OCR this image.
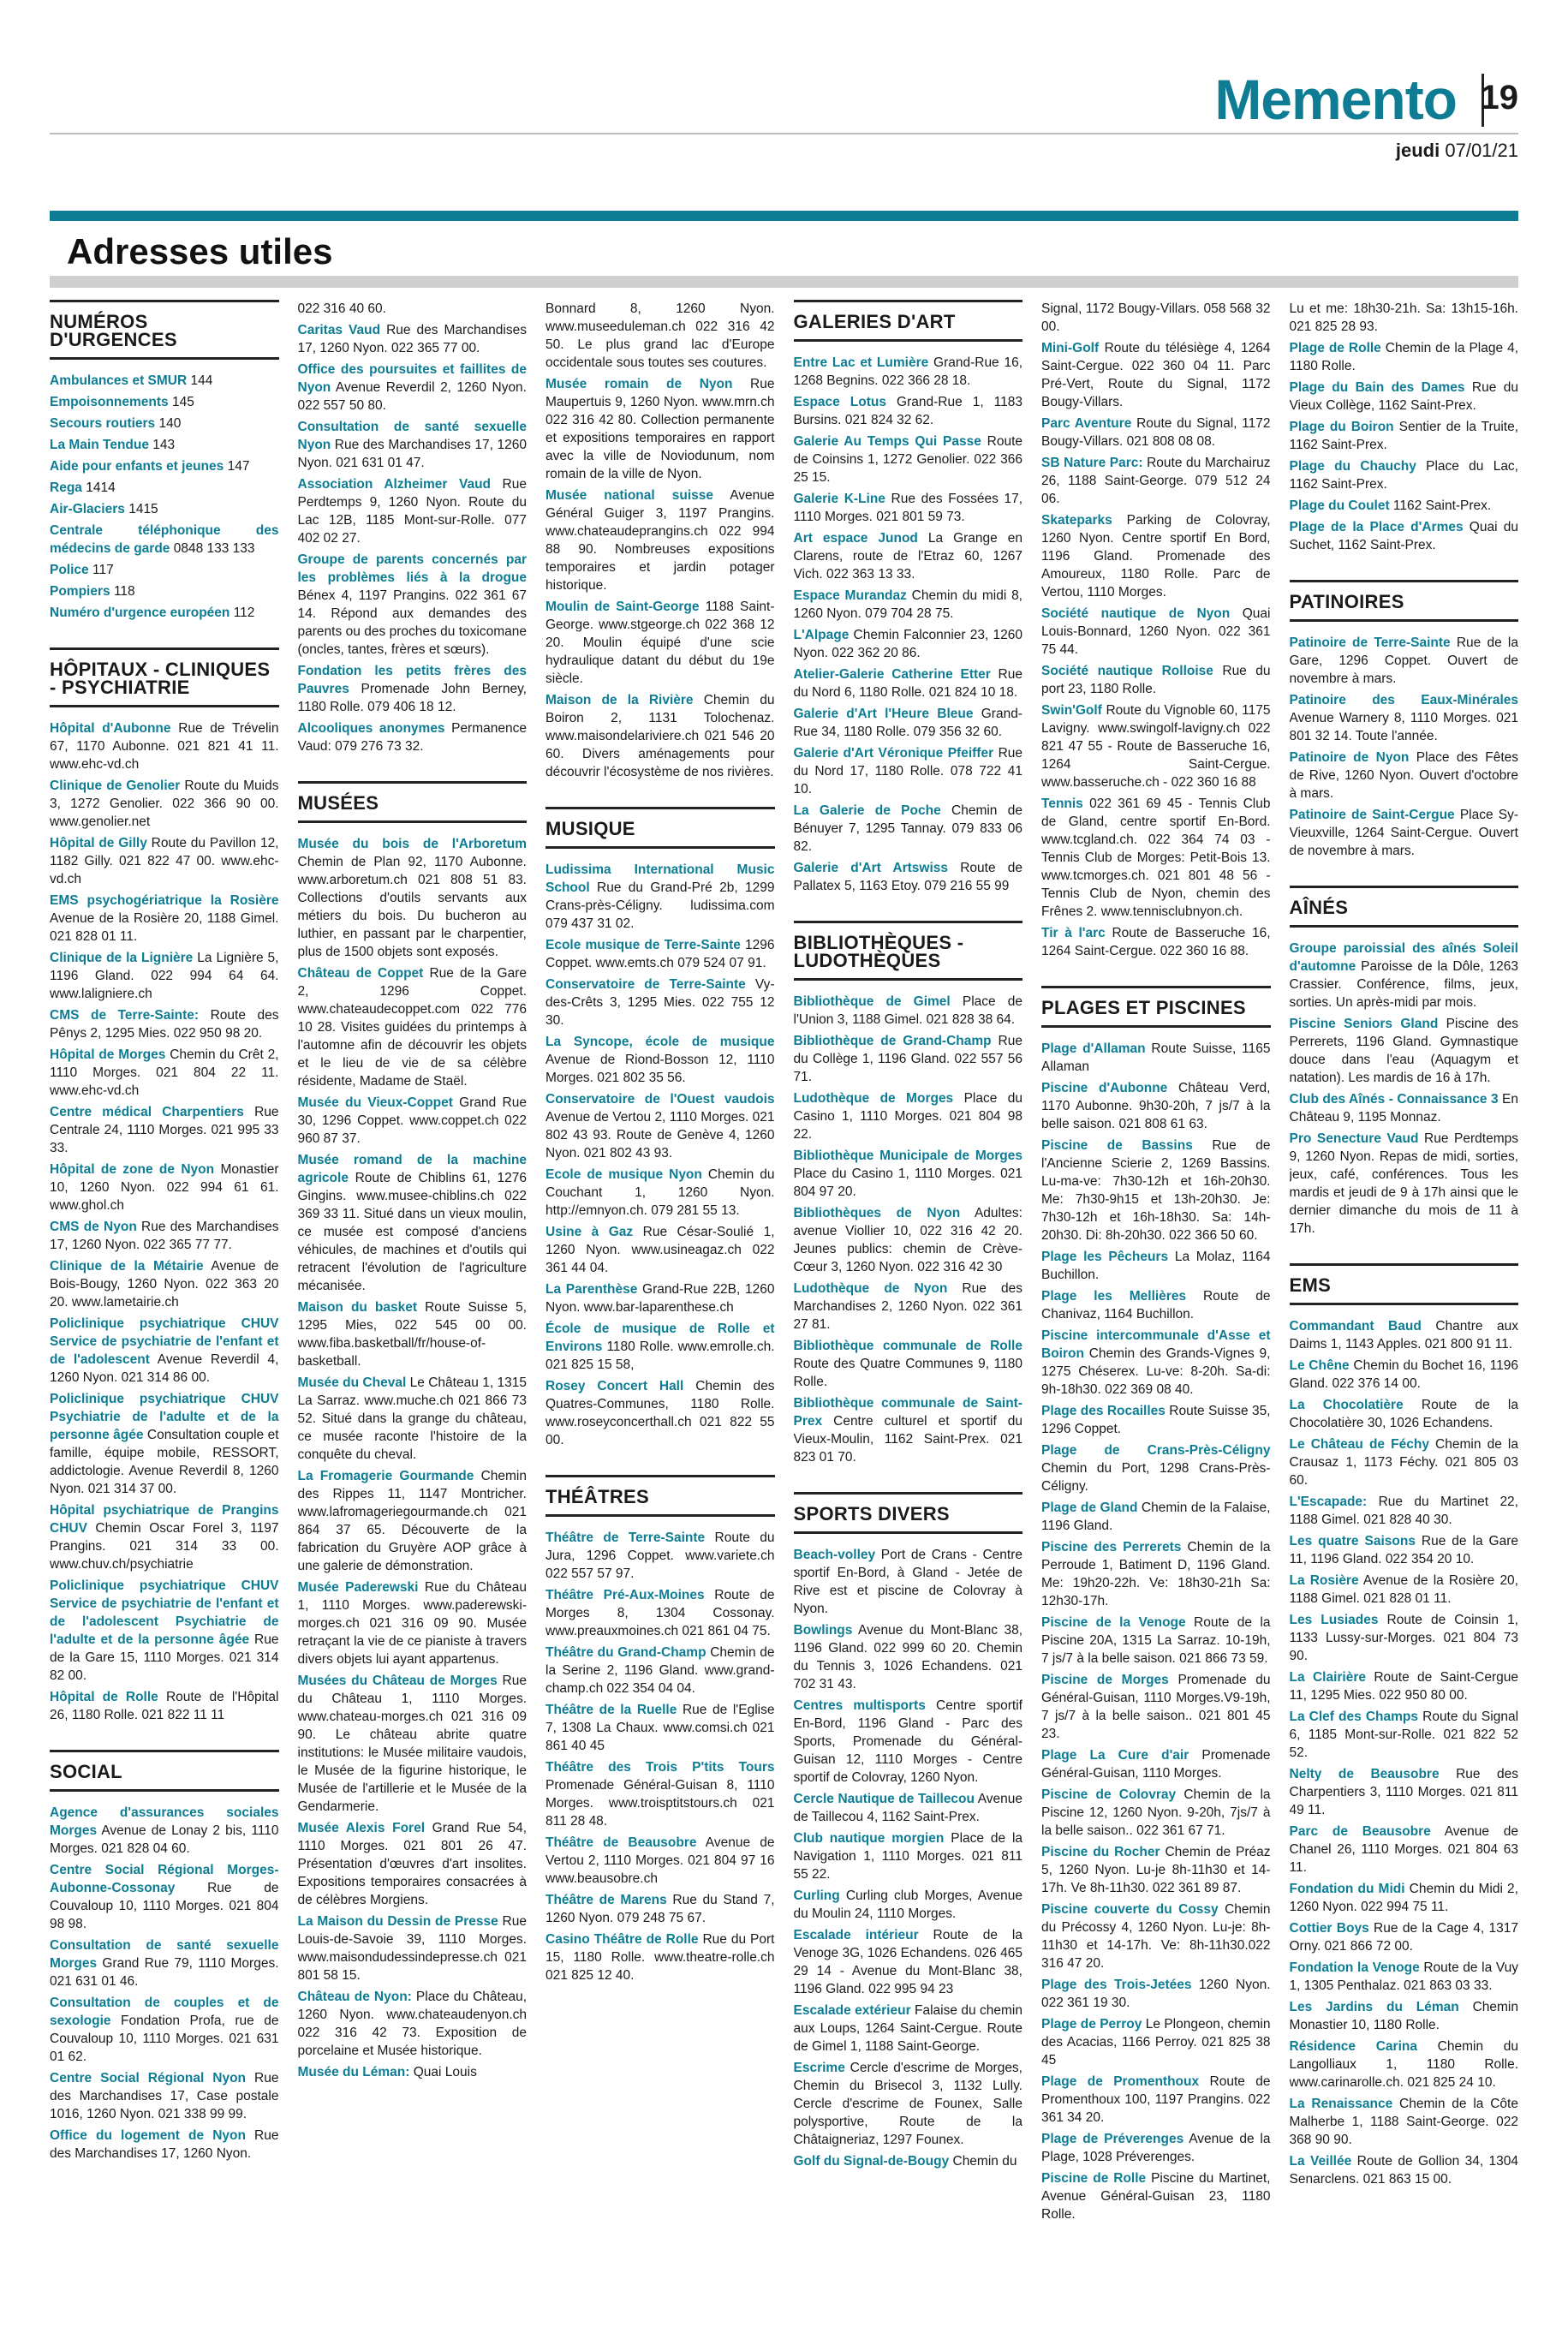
Memento 19
jeudi 07/01/21
Adresses utiles
NUMÉROS D'URGENCES
Ambulances et SMUR 144
Empoisonnements 145
Secours routiers 140
La Main Tendue 143
Aide pour enfants et jeunes 147
Rega 1414
Air-Glaciers 1415
Centrale téléphonique des médecins de garde 0848 133 133
Police 117
Pompiers 118
Numéro d'urgence européen 112
HÔPITAUX - CLINIQUES - PSYCHIATRIE
Hôpital d'Aubonne Rue de Trévelin 67, 1170 Aubonne. 021 821 41 11. www.ehc-vd.ch
Clinique de Genolier Route du Muids 3, 1272 Genolier. 022 366 90 00. www.genolier.net
Hôpital de Gilly Route du Pavillon 12, 1182 Gilly. 021 822 47 00. www.ehc-vd.ch
EMS psychogériatrique la Rosière Avenue de la Rosière 20, 1188 Gimel. 021 828 01 11.
Clinique de la Lignière La Lignière 5, 1196 Gland. 022 994 64 64. www.laligniere.ch
CMS de Terre-Sainte: Route des Pênys 2, 1295 Mies. 022 950 98 20.
Hôpital de Morges Chemin du Crêt 2, 1110 Morges. 021 804 22 11. www.ehc-vd.ch
Centre médical Charpentiers Rue Centrale 24, 1110 Morges. 021 995 33 33.
Hôpital de zone de Nyon Monastier 10, 1260 Nyon. 022 994 61 61. www.ghol.ch
CMS de Nyon Rue des Marchandises 17, 1260 Nyon. 022 365 77 77.
Clinique de la Métairie Avenue de Bois-Bougy, 1260 Nyon. 022 363 20 20. www.lametairie.ch
Policlinique psychiatrique CHUV Service de psychiatrie de l'enfant et de l'adolescent Avenue Reverdil 4, 1260 Nyon. 021 314 86 00.
Policlinique psychiatrique CHUV Psychiatrie de l'adulte et de la personne âgée Consultation couple et famille, équipe mobile, RESSORT, addictologie. Avenue Reverdil 8, 1260 Nyon. 021 314 37 00.
Hôpital psychiatrique de Prangins CHUV Chemin Oscar Forel 3, 1197 Prangins. 021 314 33 00. www.chuv.ch/psychiatrie
Policlinique psychiatrique CHUV Service de psychiatrie de l'enfant et de l'adolescent Psychiatrie de l'adulte et de la personne âgée Rue de la Gare 15, 1110 Morges. 021 314 82 00.
Hôpital de Rolle Route de l'Hôpital 26, 1180 Rolle. 021 822 11 11
SOCIAL
Agence d'assurances sociales Morges Avenue de Lonay 2 bis, 1110 Morges. 021 828 04 60.
Centre Social Régional Morges-Aubonne-Cossonay Rue de Couvaloup 10, 1110 Morges. 021 804 98 98.
Consultation de santé sexuelle Morges Grand Rue 79, 1110 Morges. 021 631 01 46.
Consultation de couples et de sexologie Fondation Profa, rue de Couvaloup 10, 1110 Morges. 021 631 01 62.
Centre Social Régional Nyon Rue des Marchandises 17, Case postale 1016, 1260 Nyon. 021 338 99 99.
Office du logement de Nyon Rue des Marchandises 17, 1260 Nyon.
022 316 40 60.
Caritas Vaud Rue des Marchandises 17, 1260 Nyon. 022 365 77 00.
Office des poursuites et faillites de Nyon Avenue Reverdil 2, 1260 Nyon. 022 557 50 80.
Consultation de santé sexuelle Nyon Rue des Marchandises 17, 1260 Nyon. 021 631 01 47.
Association Alzheimer Vaud Rue Perdtemps 9, 1260 Nyon. Route du Lac 12B, 1185 Mont-sur-Rolle. 077 402 02 27.
Groupe de parents concernés par les problèmes liés à la drogue Bénex 4, 1197 Prangins. 022 361 67 14. Répond aux demandes des parents ou des proches du toxicomane (oncles, tantes, frères et sœurs).
Fondation les petits frères des Pauvres Promenade John Berney, 1180 Rolle. 079 406 18 12.
Alcooliques anonymes Permanence Vaud: 079 276 73 32.
MUSÉES
Musée du bois de l'Arboretum Chemin de Plan 92, 1170 Aubonne. www.arboretum.ch 021 808 51 83. Collections d'outils servants aux métiers du bois. Du bucheron au luthier, en passant par le charpentier, plus de 1500 objets sont exposés.
Château de Coppet Rue de la Gare 2, 1296 Coppet. www.chateaudecoppet.com 022 776 10 28. Visites guidées du printemps à l'automne afin de découvrir les objets et le lieu de vie de sa célèbre résidente, Madame de Staël.
Musée du Vieux-Coppet Grand Rue 30, 1296 Coppet. www.coppet.ch 022 960 87 37.
Musée romand de la machine agricole Route de Chiblins 61, 1276 Gingins. www.musee-chiblins.ch 022 369 33 11. Situé dans un vieux moulin, ce musée est composé d'anciens véhicules, de machines et d'outils qui retracent l'évolution de l'agriculture mécanisée.
Maison du basket Route Suisse 5, 1295 Mies, 022 545 00 00. www.fiba.basketball/fr/house-of-basketball.
Musée du Cheval Le Château 1, 1315 La Sarraz. www.muche.ch 021 866 73 52. Situé dans la grange du château, ce musée raconte l'histoire de la conquête du cheval.
La Fromagerie Gourmande Chemin des Rippes 11, 1147 Montricher. www.lafromageriegourmande.ch 021 864 37 65. Découverte de la fabrication du Gruyère AOP grâce à une galerie de démonstration.
Musée Paderewski Rue du Château 1, 1110 Morges. www.paderewski-morges.ch 021 316 09 90. Musée retraçant la vie de ce pianiste à travers divers objets lui ayant appartenus.
Musées du Château de Morges Rue du Château 1, 1110 Morges. www.chateau-morges.ch 021 316 09 90. Le château abrite quatre institutions: le Musée militaire vaudois, le Musée de la figurine historique, le Musée de l'artillerie et le Musée de la Gendarmerie.
Musée Alexis Forel Grand Rue 54, 1110 Morges. 021 801 26 47. Présentation d'œuvres d'art insolites. Expositions temporaires consacrées à de célèbres Morgiens.
La Maison du Dessin de Presse Rue Louis-de-Savoie 39, 1110 Morges. www.maisondudessindepresse.ch 021 801 58 15.
Château de Nyon: Place du Château, 1260 Nyon. www.chateaudenyon.ch 022 316 42 73. Exposition de porcelaine et Musée historique.
Musée du Léman: Quai Louis
Bonnard 8, 1260 Nyon. www.museeduleman.ch 022 316 42 50. Le plus grand lac d'Europe occidentale sous toutes ses coutures.
Musée romain de Nyon Rue Maupertuis 9, 1260 Nyon. www.mrn.ch 022 316 42 80. Collection permanente et expositions temporaires en rapport avec la ville de Noviodunum, nom romain de la ville de Nyon.
Musée national suisse Avenue Général Guiger 3, 1197 Prangins. www.chateaudeprangins.ch 022 994 88 90. Nombreuses expositions temporaires et jardin potager historique.
Moulin de Saint-George 1188 Saint-George. www.stgeorge.ch 022 368 12 20. Moulin équipé d'une scie hydraulique datant du début du 19e siècle.
Maison de la Rivière Chemin du Boiron 2, 1131 Tolochenaz. www.maisondelariviere.ch 021 546 20 60. Divers aménagements pour découvrir l'écosystème de nos rivières.
MUSIQUE
Ludissima International Music School Rue du Grand-Pré 2b, 1299 Crans-près-Céligny. ludissima.com 079 437 31 02.
Ecole musique de Terre-Sainte 1296 Coppet. www.emts.ch 079 524 07 91.
Conservatoire de Terre-Sainte Vy-des-Crêts 3, 1295 Mies. 022 755 12 30.
La Syncope, école de musique Avenue de Riond-Bosson 12, 1110 Morges. 021 802 35 56.
Conservatoire de l'Ouest vaudois Avenue de Vertou 2, 1110 Morges. 021 802 43 93. Route de Genève 4, 1260 Nyon. 021 802 43 93.
Ecole de musique Nyon Chemin du Couchant 1, 1260 Nyon. http://emnyon.ch. 079 281 55 13.
Usine à Gaz Rue César-Soulié 1, 1260 Nyon. www.usineagaz.ch 022 361 44 04.
La Parenthèse Grand-Rue 22B, 1260 Nyon. www.bar-laparenthese.ch
École de musique de Rolle et Environs 1180 Rolle. www.emrolle.ch. 021 825 15 58,
Rosey Concert Hall Chemin des Quatres-Communes, 1180 Rolle. www.roseyconcerthall.ch 021 822 55 00.
THÉÂTRES
Théâtre de Terre-Sainte Route du Jura, 1296 Coppet. www.variete.ch 022 557 57 97.
Théâtre Pré-Aux-Moines Route de Morges 8, 1304 Cossonay. www.preauxmoines.ch 021 861 04 75.
Théâtre du Grand-Champ Chemin de la Serine 2, 1196 Gland. www.grand-champ.ch 022 354 04 04.
Théâtre de la Ruelle Rue de l'Eglise 7, 1308 La Chaux. www.comsi.ch 021 861 40 45
Théâtre des Trois P'tits Tours Promenade Général-Guisan 8, 1110 Morges. www.troisptitstours.ch 021 811 28 48.
Théâtre de Beausobre Avenue de Vertou 2, 1110 Morges. 021 804 97 16 www.beausobre.ch
Théâtre de Marens Rue du Stand 7, 1260 Nyon. 079 248 75 67.
Casino Théâtre de Rolle Rue du Port 15, 1180 Rolle. www.theatre-rolle.ch 021 825 12 40.
GALERIES D'ART
Entre Lac et Lumière Grand-Rue 16, 1268 Begnins. 022 366 28 18.
Espace Lotus Grand-Rue 1, 1183 Bursins. 021 824 32 62.
Galerie Au Temps Qui Passe Route de Coinsins 1, 1272 Genolier. 022 366 25 15.
Galerie K-Line Rue des Fossées 17, 1110 Morges. 021 801 59 73.
Art espace Junod La Grange en Clarens, route de l'Etraz 60, 1267 Vich. 022 363 13 33.
Espace Murandaz Chemin du midi 8, 1260 Nyon. 079 704 28 75.
L'Alpage Chemin Falconnier 23, 1260 Nyon. 022 362 20 86.
Atelier-Galerie Catherine Etter Rue du Nord 6, 1180 Rolle. 021 824 10 18.
Galerie d'Art l'Heure Bleue Grand-Rue 34, 1180 Rolle. 079 356 32 60.
Galerie d'Art Véronique Pfeiffer Rue du Nord 17, 1180 Rolle. 078 722 41 10.
La Galerie de Poche Chemin de Bénuyer 7, 1295 Tannay. 079 833 06 82.
Galerie d'Art Artswiss Route de Pallatex 5, 1163 Etoy. 079 216 55 99
BIBLIOTHÈQUES - LUDOTHÈQUES
Bibliothèque de Gimel Place de l'Union 3, 1188 Gimel. 021 828 38 64.
Bibliothèque de Grand-Champ Rue du Collège 1, 1196 Gland. 022 557 56 71.
Ludothèque de Morges Place du Casino 1, 1110 Morges. 021 804 98 22.
Bibliothèque Municipale de Morges Place du Casino 1, 1110 Morges. 021 804 97 20.
Bibliothèques de Nyon Adultes: avenue Viollier 10, 022 316 42 20. Jeunes publics: chemin de Crève-Cœur 3, 1260 Nyon. 022 316 42 30
Ludothèque de Nyon Rue des Marchandises 2, 1260 Nyon. 022 361 27 81.
Bibliothèque communale de Rolle Route des Quatre Communes 9, 1180 Rolle.
Bibliothèque communale de Saint-Prex Centre culturel et sportif du Vieux-Moulin, 1162 Saint-Prex. 021 823 01 70.
SPORTS DIVERS
Beach-volley Port de Crans - Centre sportif En-Bord, à Gland - Jetée de Rive est et piscine de Colovray à Nyon.
Bowlings Avenue du Mont-Blanc 38, 1196 Gland. 022 999 60 20. Chemin du Tennis 3, 1026 Echandens. 021 702 31 43.
Centres multisports Centre sportif En-Bord, 1196 Gland - Parc des Sports, Promenade du Général-Guisan 12, 1110 Morges - Centre sportif de Colovray, 1260 Nyon.
Cercle Nautique de Taillecou Avenue de Taillecou 4, 1162 Saint-Prex.
Club nautique morgien Place de la Navigation 1, 1110 Morges. 021 811 55 22.
Curling Curling club Morges, Avenue du Moulin 24, 1110 Morges.
Escalade intérieur Route de la Venoge 3G, 1026 Echandens. 026 465 29 14 - Avenue du Mont-Blanc 38, 1196 Gland. 022 995 94 23
Escalade extérieur Falaise du chemin aux Loups, 1264 Saint-Cergue. Route de Gimel 1, 1188 Saint-George.
Escrime Cercle d'escrime de Morges, Chemin du Brisecol 3, 1132 Lully. Cercle d'escrime de Founex, Salle polysportive, Route de la Châtaigneriaz, 1297 Founex.
Golf du Signal-de-Bougy Chemin du
Signal, 1172 Bougy-Villars. 058 568 32 00.
Mini-Golf Route du télésiège 4, 1264 Saint-Cergue. 022 360 04 11. Parc Pré-Vert, Route du Signal, 1172 Bougy-Villars.
Parc Aventure Route du Signal, 1172 Bougy-Villars. 021 808 08 08.
SB Nature Parc: Route du Marchairuz 26, 1188 Saint-George. 079 512 24 06.
Skateparks Parking de Colovray, 1260 Nyon. Centre sportif En Bord, 1196 Gland. Promenade des Amoureux, 1180 Rolle. Parc de Vertou, 1110 Morges.
Société nautique de Nyon Quai Louis-Bonnard, 1260 Nyon. 022 361 75 44.
Société nautique Rolloise Rue du port 23, 1180 Rolle.
Swin'Golf Route du Vignoble 60, 1175 Lavigny. www.swingolf-lavigny.ch 022 821 47 55 - Route de Basseruche 16, 1264 Saint-Cergue. www.basseruche.ch - 022 360 16 88
Tennis 022 361 69 45 - Tennis Club de Gland, centre sportif En-Bord. www.tcgland.ch. 022 364 74 03 - Tennis Club de Morges: Petit-Bois 13. www.tcmorges.ch. 021 801 48 56 - Tennis Club de Nyon, chemin des Frênes 2. www.tennisclubnyon.ch.
Tir à l'arc Route de Basseruche 16, 1264 Saint-Cergue. 022 360 16 88.
PLAGES ET PISCINES
Plage d'Allaman Route Suisse, 1165 Allaman
Piscine d'Aubonne Château Verd, 1170 Aubonne. 9h30-20h, 7 js/7 à la belle saison. 021 808 61 63.
Piscine de Bassins Rue de l'Ancienne Scierie 2, 1269 Bassins. Lu-ma-ve: 7h30-12h et 16h-20h30. Me: 7h30-9h15 et 13h-20h30. Je: 7h30-12h et 16h-18h30. Sa: 14h-20h30. Di: 8h-20h30. 022 366 50 60.
Plage les Pêcheurs La Molaz, 1164 Buchillon.
Plage les Mellières Route de Chanivaz, 1164 Buchillon.
Piscine intercommunale d'Asse et Boiron Chemin des Grands-Vignes 9, 1275 Chéserex. Lu-ve: 8-20h. Sa-di: 9h-18h30. 022 369 08 40.
Plage des Rocailles Route Suisse 35, 1296 Coppet.
Plage de Crans-Près-Céligny Chemin du Port, 1298 Crans-Près-Céligny.
Plage de Gland Chemin de la Falaise, 1196 Gland.
Piscine des Perrerets Chemin de la Perroude 1, Batiment D, 1196 Gland. Me: 19h20-22h. Ve: 18h30-21h Sa: 12h30-17h.
Piscine de la Venoge Route de la Piscine 20A, 1315 La Sarraz. 10-19h, 7 js/7 à la belle saison. 021 866 73 59.
Piscine de Morges Promenade du Général-Guisan, 1110 Morges.V9-19h, 7 js/7 à la belle saison.. 021 801 45 23.
Plage La Cure d'air Promenade Général-Guisan, 1110 Morges.
Piscine de Colovray Chemin de la Piscine 12, 1260 Nyon. 9-20h, 7js/7 à la belle saison.. 022 361 67 71.
Piscine du Rocher Chemin de Préaz 5, 1260 Nyon. Lu-je 8h-11h30 et 14-17h. Ve 8h-11h30. 022 361 89 87.
Piscine couverte du Cossy Chemin du Précossy 4, 1260 Nyon. Lu-je: 8h-11h30 et 14-17h. Ve: 8h-11h30.022 316 47 20.
Plage des Trois-Jetées 1260 Nyon. 022 361 19 30.
Plage de Perroy Le Plongeon, chemin des Acacias, 1166 Perroy. 021 825 38 45
Plage de Promenthoux Route de Promenthoux 100, 1197 Prangins. 022 361 34 20.
Plage de Préverenges Avenue de la Plage, 1028 Préverenges.
Piscine de Rolle Piscine du Martinet, Avenue Général-Guisan 23, 1180 Rolle.
Lu et me: 18h30-21h. Sa: 13h15-16h. 021 825 28 93.
Plage de Rolle Chemin de la Plage 4, 1180 Rolle.
Plage du Bain des Dames Rue du Vieux Collège, 1162 Saint-Prex.
Plage du Boiron Sentier de la Truite, 1162 Saint-Prex.
Plage du Chauchy Place du Lac, 1162 Saint-Prex.
Plage du Coulet 1162 Saint-Prex.
Plage de la Place d'Armes Quai du Suchet, 1162 Saint-Prex.
PATINOIRES
Patinoire de Terre-Sainte Rue de la Gare, 1296 Coppet. Ouvert de novembre à mars.
Patinoire des Eaux-Minérales Avenue Warnery 8, 1110 Morges. 021 801 32 14. Toute l'année.
Patinoire de Nyon Place des Fêtes de Rive, 1260 Nyon. Ouvert d'octobre à mars.
Patinoire de Saint-Cergue Place Sy-Vieuxville, 1264 Saint-Cergue. Ouvert de novembre à mars.
AÎNÉS
Groupe paroissial des aînés Soleil d'automne Paroisse de la Dôle, 1263 Crassier. Conférence, films, jeux, sorties. Un après-midi par mois.
Piscine Seniors Gland Piscine des Perrerets, 1196 Gland. Gymnastique douce dans l'eau (Aquagym et natation). Les mardis de 16 à 17h.
Club des Aînés - Connaissance 3 En Château 9, 1195 Monnaz.
Pro Senecture Vaud Rue Perdtemps 9, 1260 Nyon. Repas de midi, sorties, jeux, café, conférences. Tous les mardis et jeudi de 9 à 17h ainsi que le dernier dimanche du mois de 11 à 17h.
EMS
Commandant Baud Chantre aux Daims 1, 1143 Apples. 021 800 91 11.
Le Chêne Chemin du Bochet 16, 1196 Gland. 022 376 14 00.
La Chocolatière Route de la Chocolatière 30, 1026 Echandens.
Le Château de Féchy Chemin de la Crausaz 1, 1173 Féchy. 021 805 03 60.
L'Escapade: Rue du Martinet 22, 1188 Gimel. 021 828 40 30.
Les quatre Saisons Rue de la Gare 11, 1196 Gland. 022 354 20 10.
La Rosière Avenue de la Rosière 20, 1188 Gimel. 021 828 01 11.
Les Lusiades Route de Coinsin 1, 1133 Lussy-sur-Morges. 021 804 73 90.
La Clairière Route de Saint-Cergue 11, 1295 Mies. 022 950 80 00.
La Clef des Champs Route du Signal 6, 1185 Mont-sur-Rolle. 021 822 52 52.
Nelty de Beausobre Rue des Charpentiers 3, 1110 Morges. 021 811 49 11.
Parc de Beausobre Avenue de Chanel 26, 1110 Morges. 021 804 63 11.
Fondation du Midi Chemin du Midi 2, 1260 Nyon. 022 994 75 11.
Cottier Boys Rue de la Cage 4, 1317 Orny. 021 866 72 00.
Fondation la Venoge Route de la Vuy 1, 1305 Penthalaz. 021 863 03 33.
Les Jardins du Léman Chemin Monastier 10, 1180 Rolle.
Résidence Carina Chemin du Langolliaux 1, 1180 Rolle. www.carinarolle.ch. 021 825 24 10.
La Renaissance Chemin de la Côte Malherbe 1, 1188 Saint-George. 022 368 90 90.
La Veillée Route de Gollion 34, 1304 Senarclens. 021 863 15 00.
